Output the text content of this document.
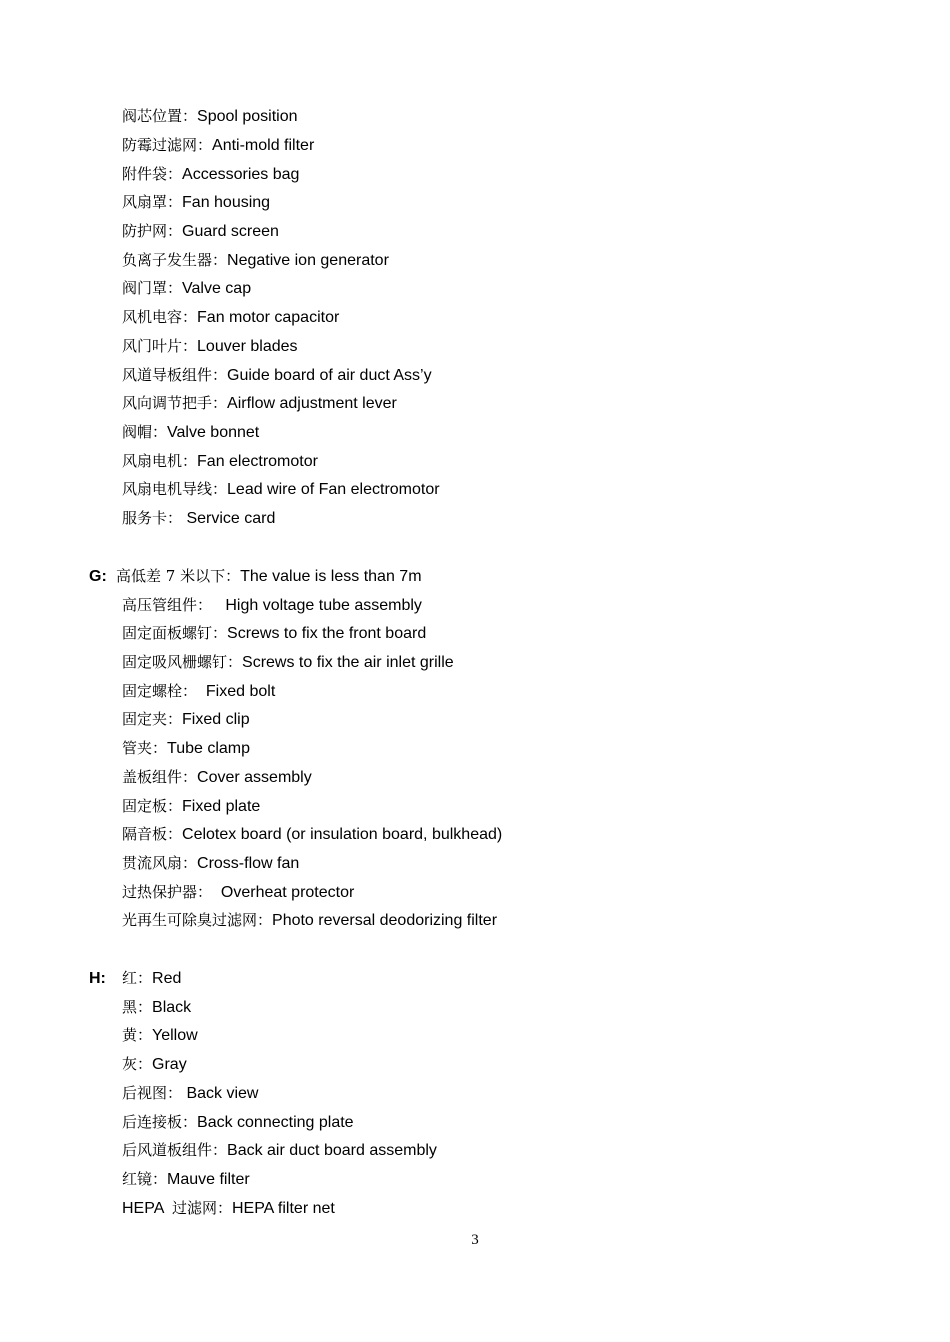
阀芯位置：Spool position
防霉过滤网：Anti-mold filter
附件袋：Accessories bag
风扇罩：Fan housing
防护网：Guard screen
负离子发生器：Negative ion generator
阀门罩：Valve cap
风机电容：Fan motor capacitor
风门叶片：Louver blades
风道导板组件：Guide board of air duct Ass’y
风向调节把手：Airflow adjustment lever
阀帽：Valve bonnet
风扇电机：Fan electromotor
风扇电机导线：Lead wire of Fan electromotor
服务卡： Service card
G: 高低差 7 米以下：The value is less than 7m
高压管组件：   High voltage tube assembly
固定面板螺钉：Screws to fix the front board
固定吸风栅螺钉：Screws to fix the air inlet grille
固定螺栓：  Fixed bolt
固定夹：Fixed clip
管夹：Tube clamp
盖板组件：Cover assembly
固定板：Fixed plate
隔音板：Celotex board (or insulation board, bulkhead)
贯流风扇：Cross-flow fan
过热保护器：  Overheat protector
光再生可除臭过滤网：Photo reversal deodorizing filter
H: 红：Red
黑：Black
黄：Yellow
灰：Gray
后视图： Back view
后连接板：Back connecting plate
后风道板组件：Back air duct board assembly
红镜：Mauve filter
HEPA 过滤网：HEPA filter net
3
